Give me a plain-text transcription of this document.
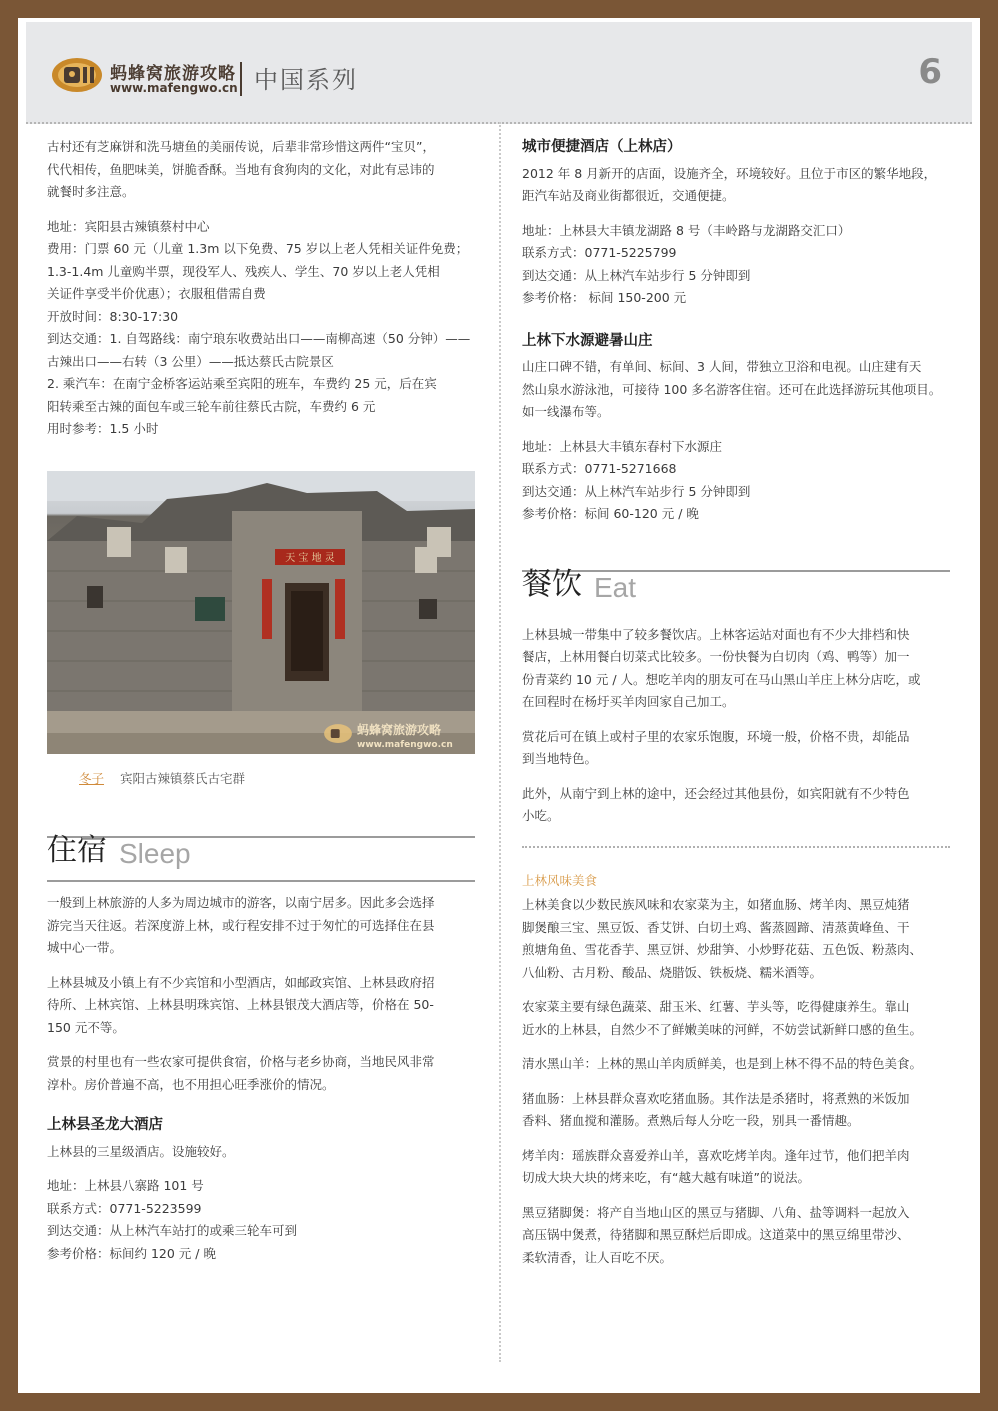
蚂蜂窝旅游攻略
www.mafengwo.cn 中国系列	6
古村还有芝麻饼和洗马塘鱼的美丽传说，后辈非常珍惜这两件“宝贝”，
代代相传，鱼肥味美，饼脆香酥。当地有食狗肉的文化，对此有忌讳的
就餐时多注意。
地址：宾阳县古辣镇蔡村中心
费用：门票 60 元（儿童 1.3m 以下免费、75 岁以上老人凭相关证件免费；
1.3-1.4m 儿童购半票，现役军人、残疾人、学生、70 岁以上老人凭相
关证件享受半价优惠）；衣服租借需自费
开放时间：8:30-17:30
到达交通：1. 自驾路线：南宁琅东收费站出口——南柳高速（50 分钟）——
古辣出口——右转（3 公里）——抵达蔡氏古院景区
2. 乘汽车：在南宁金桥客运站乘至宾阳的班车，车费约 25 元，后在宾
阳转乘至古辣的面包车或三轮车前往蔡氏古院，车费约 6 元
用时参考：1.5 小时
天 宝 地 灵
蚂蜂窝旅游攻略
www.mafengwo.cn
冬子 宾阳古辣镇蔡氏古宅群
住宿 Sleep

一般到上林旅游的人多为周边城市的游客，以南宁居多。因此多会选择
游完当天往返。若深度游上林，或行程安排不过于匆忙的可选择住在县
城中心一带。

上林县城及小镇上有不少宾馆和小型酒店，如邮政宾馆、上林县政府招
待所、上林宾馆、上林县明珠宾馆、上林县银茂大酒店等，价格在 50-
150 元不等。

赏景的村里也有一些农家可提供食宿，价格与老乡协商，当地民风非常
淳朴。房价普遍不高，也不用担心旺季涨价的情况。

上林县圣龙大酒店

上林县的三星级酒店。设施较好。

地址：上林县八寨路 101 号
联系方式：0771-5223599
到达交通：从上林汽车站打的或乘三轮车可到
参考价格：标间约 120 元 / 晚
城市便捷酒店（上林店）

2012 年 8 月新开的店面，设施齐全，环境较好。且位于市区的繁华地段，
距汽车站及商业街都很近，交通便捷。

地址：上林县大丰镇龙湖路 8 号（丰岭路与龙湖路交汇口）
联系方式：0771-5225799
到达交通：从上林汽车站步行 5 分钟即到
参考价格： 标间 150-200 元
上林下水源避暑山庄

山庄口碑不错，有单间、标间、3 人间，带独立卫浴和电视。山庄建有天
然山泉水游泳池，可接待 100 多名游客住宿。还可在此选择游玩其他项目。
如一线瀑布等。

地址：上林县大丰镇东春村下水源庄
联系方式：0771-5271668
到达交通：从上林汽车站步行 5 分钟即到
参考价格：标间 60-120 元 / 晚
餐饮 Eat

上林县城一带集中了较多餐饮店。上林客运站对面也有不少大排档和快
餐店，上林用餐白切菜式比较多。一份快餐为白切肉（鸡、鸭等）加一
份青菜约 10 元 / 人。想吃羊肉的朋友可在马山黑山羊庄上林分店吃，或
在回程时在杨圩买羊肉回家自己加工。

赏花后可在镇上或村子里的农家乐饱腹，环境一般，价格不贵，却能品
到当地特色。

此外，从南宁到上林的途中，还会经过其他县份，如宾阳就有不少特色
小吃。

上林风味美食

上林美食以少数民族风味和农家菜为主，如猪血肠、烤羊肉、黑豆炖猪
脚煲酿三宝、黑豆饭、香艾饼、白切土鸡、酱蒸圆蹄、清蒸黄峰鱼、干
煎塘角鱼、雪花香芋、黑豆饼、炒甜笋、小炒野花菇、五色饭、粉蒸肉、
八仙粉、古月粉、酸品、烧腊饭、铁板烧、糯米酒等。

农家菜主要有绿色蔬菜、甜玉米、红薯、芋头等，吃得健康养生。靠山
近水的上林县，自然少不了鲜嫩美味的河鲜，不妨尝试新鲜口感的鱼生。

清水黑山羊：上林的黑山羊肉质鲜美，也是到上林不得不品的特色美食。

猪血肠：上林县群众喜欢吃猪血肠。其作法是杀猪时，将煮熟的米饭加
香料、猪血搅和灌肠。煮熟后每人分吃一段，别具一番情趣。

烤羊肉：瑶族群众喜爱养山羊，喜欢吃烤羊肉。逢年过节，他们把羊肉
切成大块大块的烤来吃，有“越大越有味道”的说法。

黑豆猪脚煲：将产自当地山区的黑豆与猪脚、八角、盐等调料一起放入
高压锅中煲煮，待猪脚和黑豆酥烂后即成。这道菜中的黑豆绵里带沙、
柔软清香，让人百吃不厌。
